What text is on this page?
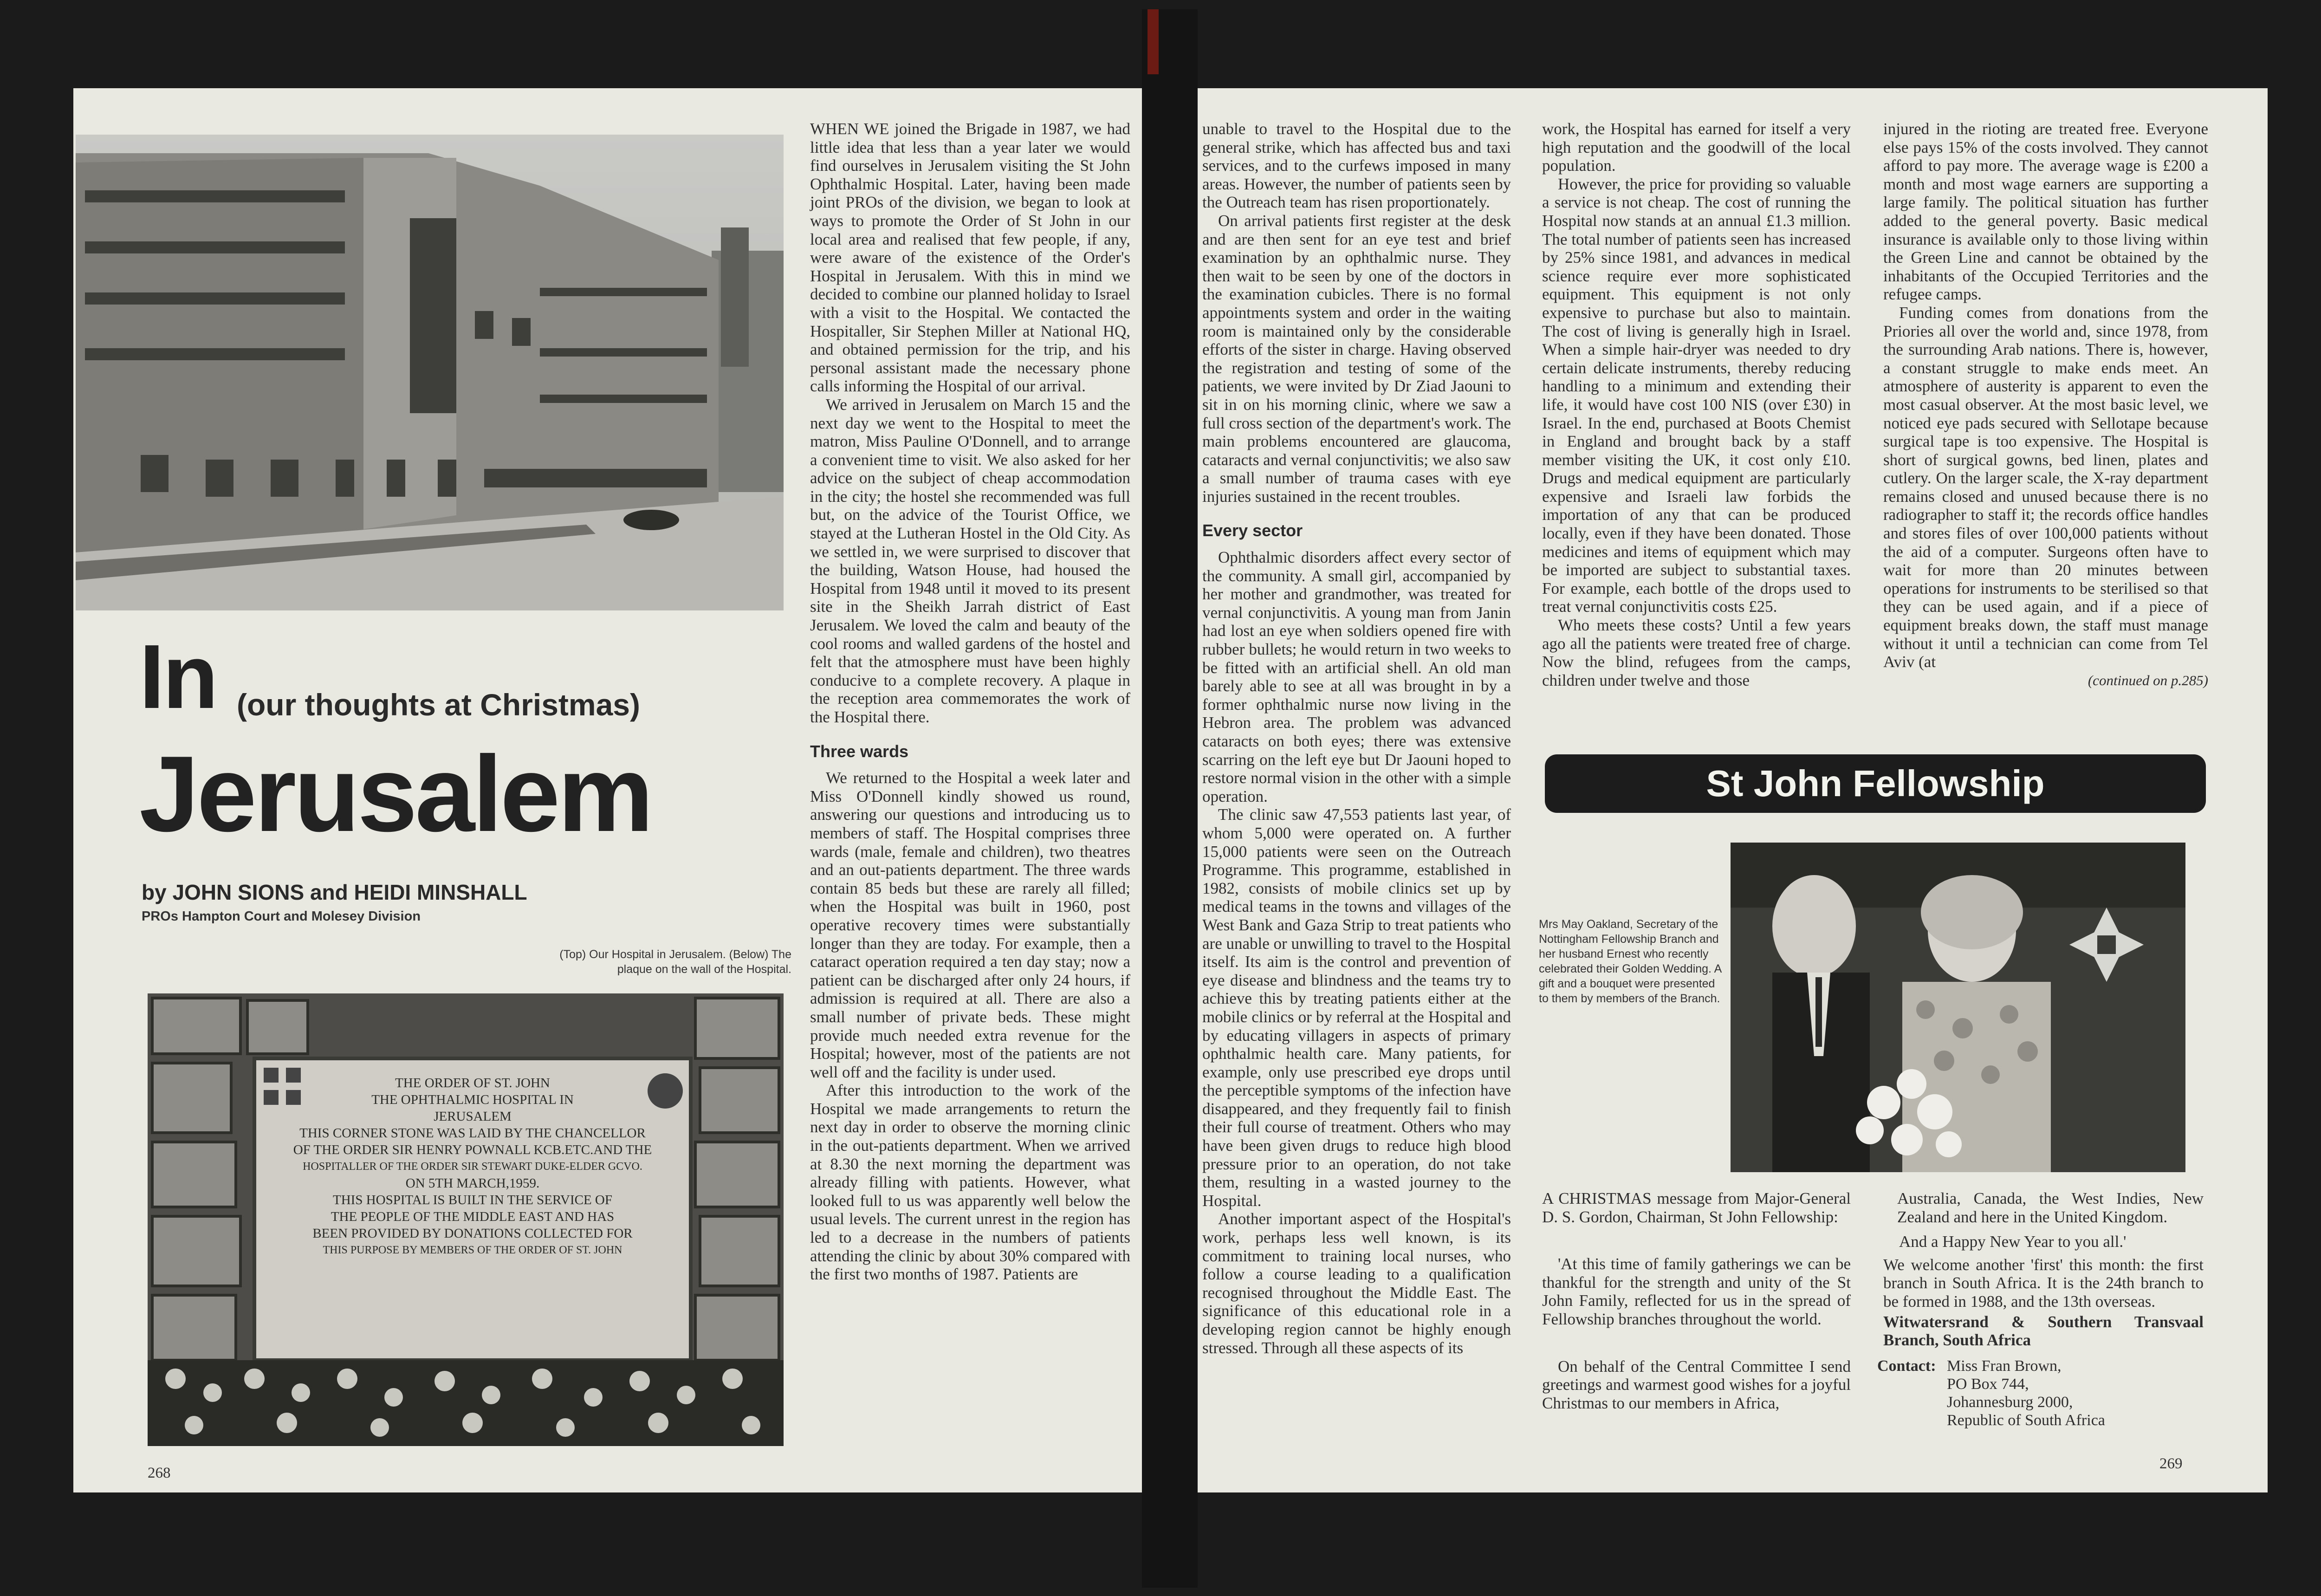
In (our thoughts at Christmas)
Jerusalem
by JOHN SIONS and HEIDI MINSHALL
PROs Hampton Court and Molesey Division
(Top) Our Hospital in Jerusalem. (Below) The plaque on the wall of the Hospital.
THE ORDER OF ST. JOHN
THE OPHTHALMIC HOSPITAL IN
JERUSALEM
THIS CORNER STONE WAS LAID BY THE CHANCELLOR
OF THE ORDER SIR HENRY POWNALL KCB.ETC.AND THE
HOSPITALLER OF THE ORDER SIR STEWART DUKE-ELDER GCVO.
ON 5TH MARCH,1959.
THIS HOSPITAL IS BUILT IN THE SERVICE OF
THE PEOPLE OF THE MIDDLE EAST AND HAS
BEEN PROVIDED BY DONATIONS COLLECTED FOR
THIS PURPOSE BY MEMBERS OF THE ORDER OF ST. JOHN

WHEN WE joined the Brigade in 1987, we had little idea that less than a year later we would find ourselves in Jerusalem visiting the St John Ophthalmic Hospital. Later, having been made joint PROs of the division, we began to look at ways to promote the Order of St John in our local area and realised that few people, if any, were aware of the existence of the Order's Hospital in Jerusalem. With this in mind we decided to combine our planned holiday to Israel with a visit to the Hospital. We contacted the Hospitaller, Sir Stephen Miller at National HQ, and obtained permission for the trip, and his personal assistant made the necessary phone calls informing the Hospital of our arrival.

We arrived in Jerusalem on March 15 and the next day we went to the Hospital to meet the matron, Miss Pauline O'Donnell, and to arrange a convenient time to visit. We also asked for her advice on the subject of cheap accommodation in the city; the hostel she recommended was full but, on the advice of the Tourist Office, we stayed at the Lutheran Hostel in the Old City. As we settled in, we were surprised to discover that the building, Watson House, had housed the Hospital from 1948 until it moved to its present site in the Sheikh Jarrah district of East Jerusalem. We loved the calm and beauty of the cool rooms and walled gardens of the hostel and felt that the atmosphere must have been highly conducive to a complete recovery. A plaque in the reception area commemorates the work of the Hospital there.

Three wards

We returned to the Hospital a week later and Miss O'Donnell kindly showed us round, answering our questions and introducing us to members of staff. The Hospital comprises three wards (male, female and children), two theatres and an out-patients department. The three wards contain 85 beds but these are rarely all filled; when the Hospital was built in 1960, post operative recovery times were substantially longer than they are today. For example, then a cataract operation required a ten day stay; now a patient can be discharged after only 24 hours, if admission is required at all. There are also a small number of private beds. These might provide much needed extra revenue for the Hospital; however, most of the patients are not well off and the facility is under used.

After this introduction to the work of the Hospital we made arrangements to return the next day in order to observe the morning clinic in the out-patients department. When we arrived at 8.30 the next morning the department was already filling with patients. However, what looked full to us was apparently well below the usual levels. The current unrest in the region has led to a decrease in the numbers of patients attending the clinic by about 30% compared with the first two months of 1987. Patients are

268

unable to travel to the Hospital due to the general strike, which has affected bus and taxi services, and to the curfews imposed in many areas. However, the number of patients seen by the Outreach team has risen proportionately.

On arrival patients first register at the desk and are then sent for an eye test and brief examination by an ophthalmic nurse. They then wait to be seen by one of the doctors in the examination cubicles. There is no formal appointments system and order in the waiting room is maintained only by the considerable efforts of the sister in charge. Having observed the registration and testing of some of the patients, we were invited by Dr Ziad Jaouni to sit in on his morning clinic, where we saw a full cross section of the department's work. The main problems encountered are glaucoma, cataracts and vernal conjunctivitis; we also saw a small number of trauma cases with eye injuries sustained in the recent troubles.

Every sector

Ophthalmic disorders affect every sector of the community. A small girl, accompanied by her mother and grandmother, was treated for vernal conjunctivitis. A young man from Janin had lost an eye when soldiers opened fire with rubber bullets; he would return in two weeks to be fitted with an artificial shell. An old man barely able to see at all was brought in by a former ophthalmic nurse now living in the Hebron area. The problem was advanced cataracts on both eyes; there was extensive scarring on the left eye but Dr Jaouni hoped to restore normal vision in the other with a simple operation.

The clinic saw 47,553 patients last year, of whom 5,000 were operated on. A further 15,000 patients were seen on the Outreach Programme. This programme, established in 1982, consists of mobile clinics set up by medical teams in the towns and villages of the West Bank and Gaza Strip to treat patients who are unable or unwilling to travel to the Hospital itself. Its aim is the control and prevention of eye disease and blindness and the teams try to achieve this by treating patients either at the mobile clinics or by referral at the Hospital and by educating villagers in aspects of primary ophthalmic health care. Many patients, for example, only use prescribed eye drops until the perceptible symptoms of the infection have disappeared, and they frequently fail to finish their full course of treatment. Others who may have been given drugs to reduce high blood pressure prior to an operation, do not take them, resulting in a wasted journey to the Hospital.

Another important aspect of the Hospital's work, perhaps less well known, is its commitment to training local nurses, who follow a course leading to a qualification recognised throughout the Middle East. The significance of this educational role in a developing region cannot be highly enough stressed. Through all these aspects of its

work, the Hospital has earned for itself a very high reputation and the goodwill of the local population.

However, the price for providing so valuable a service is not cheap. The cost of running the Hospital now stands at an annual £1.3 million. The total number of patients seen has increased by 25% since 1981, and advances in medical science require ever more sophisticated equipment. This equipment is not only expensive to purchase but also to maintain. The cost of living is generally high in Israel. When a simple hair-dryer was needed to dry certain delicate instruments, thereby reducing handling to a minimum and extending their life, it would have cost 100 NIS (over £30) in Israel. In the end, purchased at Boots Chemist in England and brought back by a staff member visiting the UK, it cost only £10. Drugs and medical equipment are particularly expensive and Israeli law forbids the importation of any that can be produced locally, even if they have been donated. Those medicines and items of equipment which may be imported are subject to substantial taxes. For example, each bottle of the drops used to treat vernal conjunctivitis costs £25.

Who meets these costs? Until a few years ago all the patients were treated free of charge. Now the blind, refugees from the camps, children under twelve and those

injured in the rioting are treated free. Everyone else pays 15% of the costs involved. They cannot afford to pay more. The average wage is £200 a month and most wage earners are supporting a large family. The political situation has further added to the general poverty. Basic medical insurance is available only to those living within the Green Line and cannot be obtained by the inhabitants of the Occupied Territories and the refugee camps.

Funding comes from donations from the Priories all over the world and, since 1978, from the surrounding Arab nations. There is, however, a constant struggle to make ends meet. An atmosphere of austerity is apparent to even the most casual observer. At the most basic level, we noticed eye pads secured with Sellotape because surgical tape is too expensive. The Hospital is short of surgical gowns, bed linen, plates and cutlery. On the larger scale, the X-ray department remains closed and unused because there is no radiographer to staff it; the records office handles and stores files of over 100,000 patients without the aid of a computer. Surgeons often have to wait for more than 20 minutes between operations for instruments to be sterilised so that they can be used again, and if a piece of equipment breaks down, the staff must manage without it until a technician can come from Tel Aviv (at

(continued on p.285)
St John Fellowship
Mrs May Oakland, Secretary of the Nottingham Fellowship Branch and her husband Ernest who recently celebrated their Golden Wedding. A gift and a bouquet were presented to them by members of the Branch.

A CHRISTMAS message from Major-General D. S. Gordon, Chairman, St John Fellowship:

'At this time of family gatherings we can be thankful for the strength and unity of the St John Family, reflected for us in the spread of Fellowship branches throughout the world.

On behalf of the Central Committee I send greetings and warmest good wishes for a joyful Christmas to our members in Africa,

Australia, Canada, the West Indies, New Zealand and here in the United Kingdom.

And a Happy New Year to you all.'

We welcome another 'first' this month: the first branch in South Africa. It is the 24th branch to be formed in 1988, and the 13th overseas.

Witwatersrand & Southern Transvaal Branch, South Africa

Contact: Miss Fran Brown,
PO Box 744,
Johannesburg 2000,
Republic of South Africa
269
